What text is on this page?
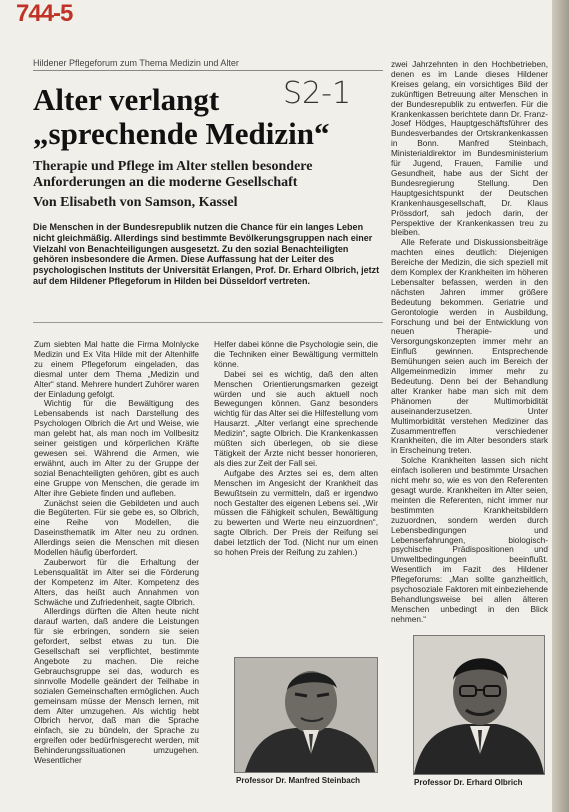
744-5
S2-1
Hildener Pflegeforum zum Thema Medizin und Alter
Alter verlangt
„sprechende Medizin“
Therapie und Pflege im Alter stellen besondere Anforderungen an die moderne Gesellschaft
Von Elisabeth von Samson, Kassel

Die Menschen in der Bundesrepublik nutzen die Chance für ein langes Leben nicht gleichmäßig. Allerdings sind bestimmte Bevölkerungsgruppen nach einer Vielzahl von Benachteiligungen ausgesetzt. Zu den sozial Benachteiligten gehören insbesondere die Armen. Diese Auffassung hat der Leiter des psychologischen Instituts der Universität Erlangen, Prof. Dr. Erhard Olbrich, jetzt auf dem Hildener Pflegeforum in Hilden bei Düsseldorf vertreten.

Zum siebten Mal hatte die Firma Molnlycke Medizin und Ex Vita Hilde mit der Altenhilfe zu einem Pflegeforum eingeladen, das diesmal unter dem Thema „Medizin und Alter“ stand. Mehrere hundert Zuhörer waren der Einladung gefolgt.

Wichtig für die Bewältigung des Lebensabends ist nach Darstellung des Psychologen Olbrich die Art und Weise, wie man gelebt hat, als man noch im Vollbesitz seiner geistigen und körperlichen Kräfte gewesen sei. Während die Armen, wie erwähnt, auch im Alter zu der Gruppe der sozial Benachteiligten gehören, gibt es auch eine Gruppe von Menschen, die gerade im Alter ihre Gebiete finden und aufleben.

Zunächst seien die Gebildeten und auch die Begüterten. Für sie gebe es, so Olbrich, eine Reihe von Modellen, die Daseinsthematik im Alter neu zu ordnen. Allerdings seien die Menschen mit diesen Modellen häufig überfordert.

Zauberwort für die Erhaltung der Lebensqualität im Alter sei die Förderung der Kompetenz im Alter. Kompetenz des Alters, das heißt auch Annahmen von Schwäche und Zufriedenheit, sagte Olbrich.

Allerdings dürften die Alten heute nicht darauf warten, daß andere die Leistungen für sie erbringen, sondern sie seien gefordert, selbst etwas zu tun. Die Gesellschaft sei verpflichtet, bestimmte Angebote zu machen. Die reiche Gebrauchsgruppe sei das, wodurch es sinnvolle Modelle geändert der Teilhabe in sozialen Gemeinschaften ermöglichen. Auch gemeinsam müsse der Mensch lernen, mit dem Alter umzugehen. Als wichtig hebt Olbrich hervor, daß man die Sprache einfach, sie zu bündeln, der Sprache zu ergreifen oder bedürfnisgerecht werden, mit Behinderungssituationen umzugehen. Wesentlicher

Helfer dabei könne die Psychologie sein, die die Techniken einer Bewältigung vermitteln könne.

Dabei sei es wichtig, daß den alten Menschen Orientierungsmarken gezeigt würden und sie auch aktuell noch Bewegungen können. Ganz besonders wichtig für das Alter sei die Hilfestellung vom Hausarzt. „Alter verlangt eine sprechende Medizin“, sagte Olbrich. Die Krankenkassen müßten sich überlegen, ob sie diese Tätigkeit der Ärzte nicht besser honorieren, als dies zur Zeit der Fall sei.

Aufgabe des Arztes sei es, dem alten Menschen im Angesicht der Krankheit das Bewußtsein zu vermitteln, daß er irgendwo noch Gestalter des eigenen Lebens sei. „Wir müssen die Fähigkeit schulen, Bewältigung zu bewerten und Werte neu einzuordnen“, sagte Olbrich. Der Preis der Reifung sei dabei letztlich der Tod. (Nicht nur um einen so hohen Preis der Reifung zu zahlen.)

zwei Jahrzehnten in den Hochbetrieben, denen es im Lande dieses Hildener Kreises gelang, ein vorsichtiges Bild der zukünftigen Betreuung alter Menschen in der Bundesrepublik zu entwerfen. Für die Krankenkassen berichtete dann Dr. Franz-Josef Hödges, Hauptgeschäftsführer des Bundesverbandes der Ortskrankenkassen in Bonn. Manfred Steinbach, Ministerialdirektor im Bundesministerium für Jugend, Frauen, Familie und Gesundheit, habe aus der Sicht der Bundesregierung Stellung. Den Hauptgesichtspunkt der Deutschen Krankenhausgesellschaft, Dr. Klaus Prössdorf, sah jedoch darin, der Perspektive der Krankenkassen treu zu bleiben.

Alle Referate und Diskussionsbeiträge machten eines deutlich: Diejenigen Bereiche der Medizin, die sich speziell mit dem Komplex der Krankheiten im höheren Lebensalter befassen, werden in den nächsten Jahren immer größere Bedeutung bekommen. Geriatrie und Gerontologie werden in Ausbildung, Forschung und bei der Entwicklung von neuen Therapie- und Versorgungskonzepten immer mehr an Einfluß gewinnen. Entsprechende Bemühungen seien auch im Bereich der Allgemeinmedizin immer mehr zu Bedeutung. Denn bei der Behandlung alter Kranker habe man sich mit dem Phänomen der Multimorbidität auseinanderzusetzen. Unter Multimorbidität verstehen Mediziner das Zusammentreffen verschiedener Krankheiten, die im Alter besonders stark in Erscheinung treten.

Solche Krankheiten lassen sich nicht einfach isolieren und bestimmte Ursachen nicht mehr so, wie es von den Referenten gesagt wurde. Krankheiten im Alter seien, meinten die Referenten, nicht immer nur bestimmten Krankheitsbildern zuzuordnen, sondern werden durch Lebensbedingungen und Lebenserfahrungen, biologisch-psychische Prädispositionen und Umweltbedingungen beeinflußt. Wesentlich im Fazit des Hildener Pflegeforums: „Man sollte ganzheitlich, psychosoziale Faktoren mit einbeziehende Behandlungsweise bei allen älteren Menschen unbedingt in den Blick nehmen.“

Professor Dr. Manfred Steinbach	Professor Dr. Erhard Olbrich
